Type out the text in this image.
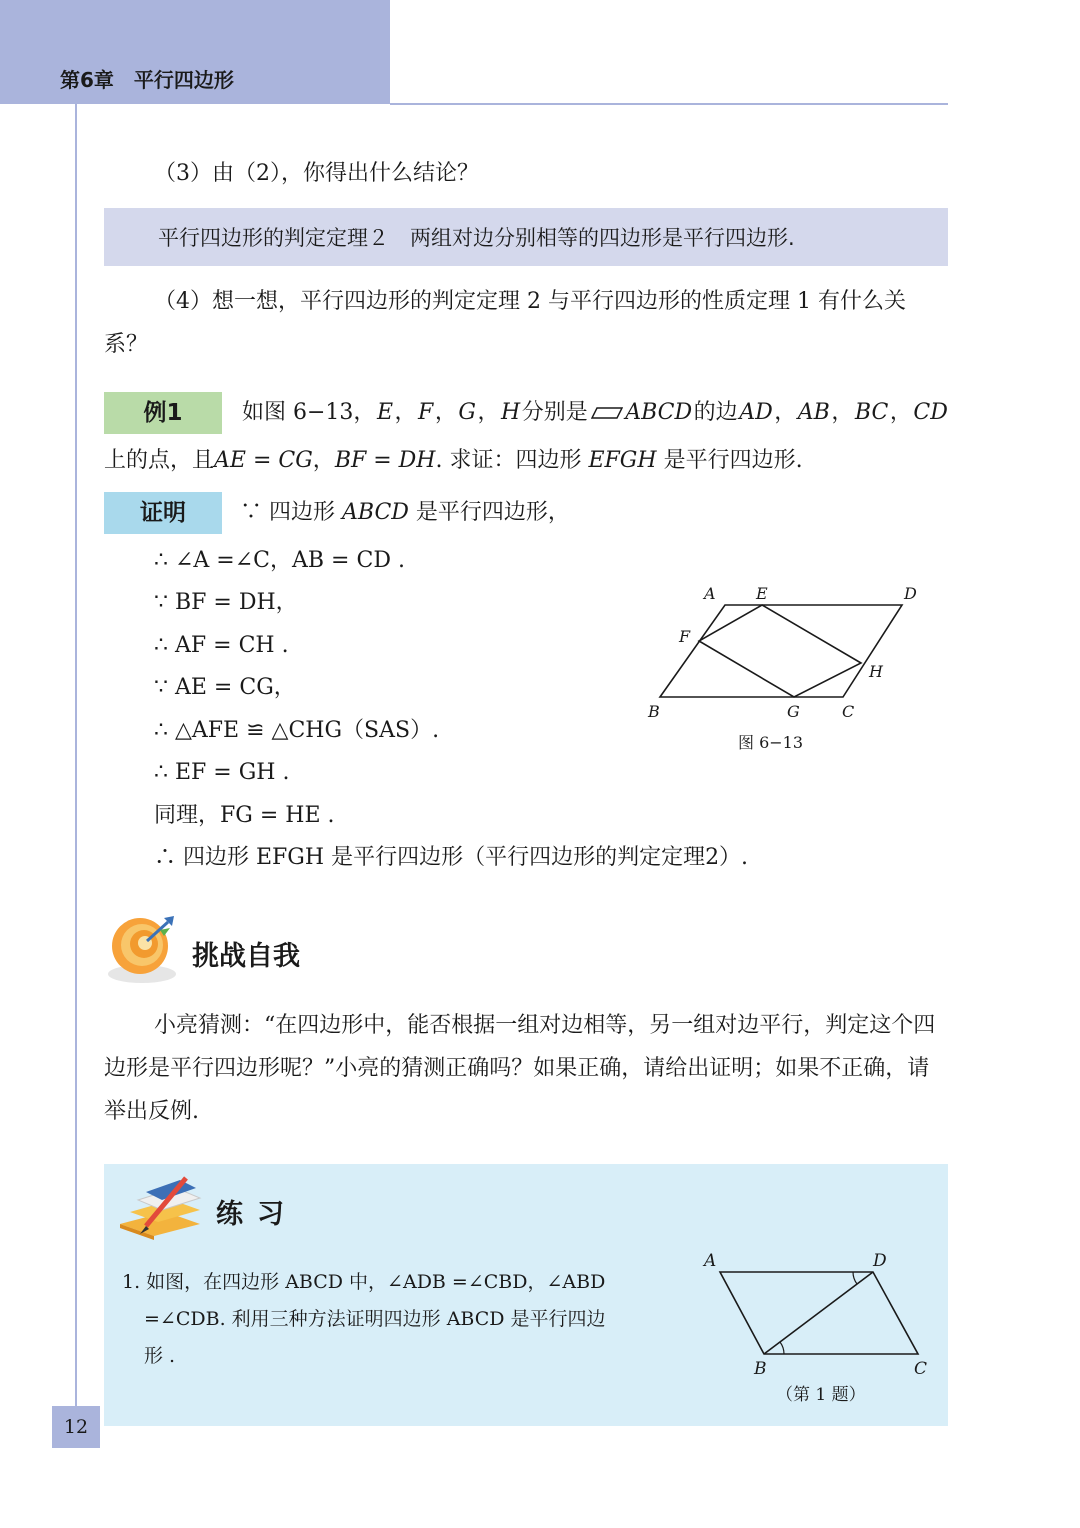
第6章　平行四边形
（3）由（2），你得出什么结论？
平行四边形的判定定理２　两组对边分别相等的四边形是平行四边形.
（4）想一想，平行四边形的判定定理 2 与平行四边形的性质定理 1 有什么关系？
例1	如图 6−13， E ， F ， G ， H 分别是	ABCD 的边 AD ， AB ， BC ， CD
上的点，且AE = CG，BF = DH. 求证：四边形 EFGH 是平行四边形.
证明	∵ 四边形 ABCD 是平行四边形，
∴ ∠A =∠C，AB = CD .
∵ BF = DH，
∴ AF = CH .
∵ AE = CG，
∴ △AFE ≌ △CHG（SAS）.
∴ EF = GH .
同理，FG = HE .
∴ 四边形 EFGH 是平行四边形（平行四边形的判定定理2）.
A	E	D
F
H
B	G	C
图 6−13
挑战自我
小亮猜测：“在四边形中，能否根据一组对边相等，另一组对边平行，判定这个四边形是平行四边形呢？”小亮的猜测正确吗？如果正确，请给出证明；如果不正确，请举出反例.
练习
1. 如图，在四边形 ABCD 中，∠ADB =∠CBD，∠ABD
=∠CDB. 利用三种方法证明四边形 ABCD 是平行四边
形 .
A	D
B	C
（第 1 题）
12
